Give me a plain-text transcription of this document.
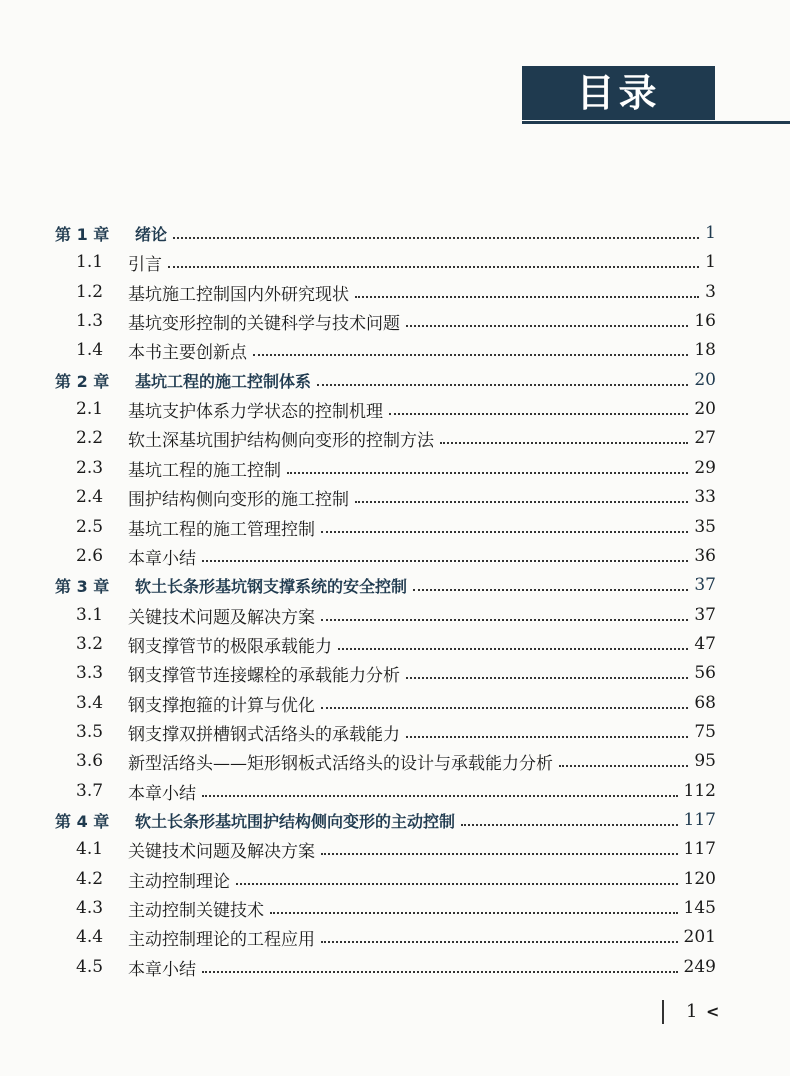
目录
第 1 章 绪论	1
1.1 引言	1
1.2 基坑施工控制国内外研究现状	3
1.3 基坑变形控制的关键科学与技术问题	16
1.4 本书主要创新点	18
第 2 章 基坑工程的施工控制体系	20
2.1 基坑支护体系力学状态的控制机理	20
2.2 软土深基坑围护结构侧向变形的控制方法	27
2.3 基坑工程的施工控制	29
2.4 围护结构侧向变形的施工控制	33
2.5 基坑工程的施工管理控制	35
2.6 本章小结	36
第 3 章 软土长条形基坑钢支撑系统的安全控制	37
3.1 关键技术问题及解决方案	37
3.2 钢支撑管节的极限承载能力	47
3.3 钢支撑管节连接螺栓的承载能力分析	56
3.4 钢支撑抱箍的计算与优化	68
3.5 钢支撑双拼槽钢式活络头的承载能力	75
3.6 新型活络头——矩形钢板式活络头的设计与承载能力分析	95
3.7 本章小结	112
第 4 章 软土长条形基坑围护结构侧向变形的主动控制	117
4.1 关键技术问题及解决方案	117
4.2 主动控制理论	120
4.3 主动控制关键技术	145
4.4 主动控制理论的工程应用	201
4.5 本章小结	249
1 <
